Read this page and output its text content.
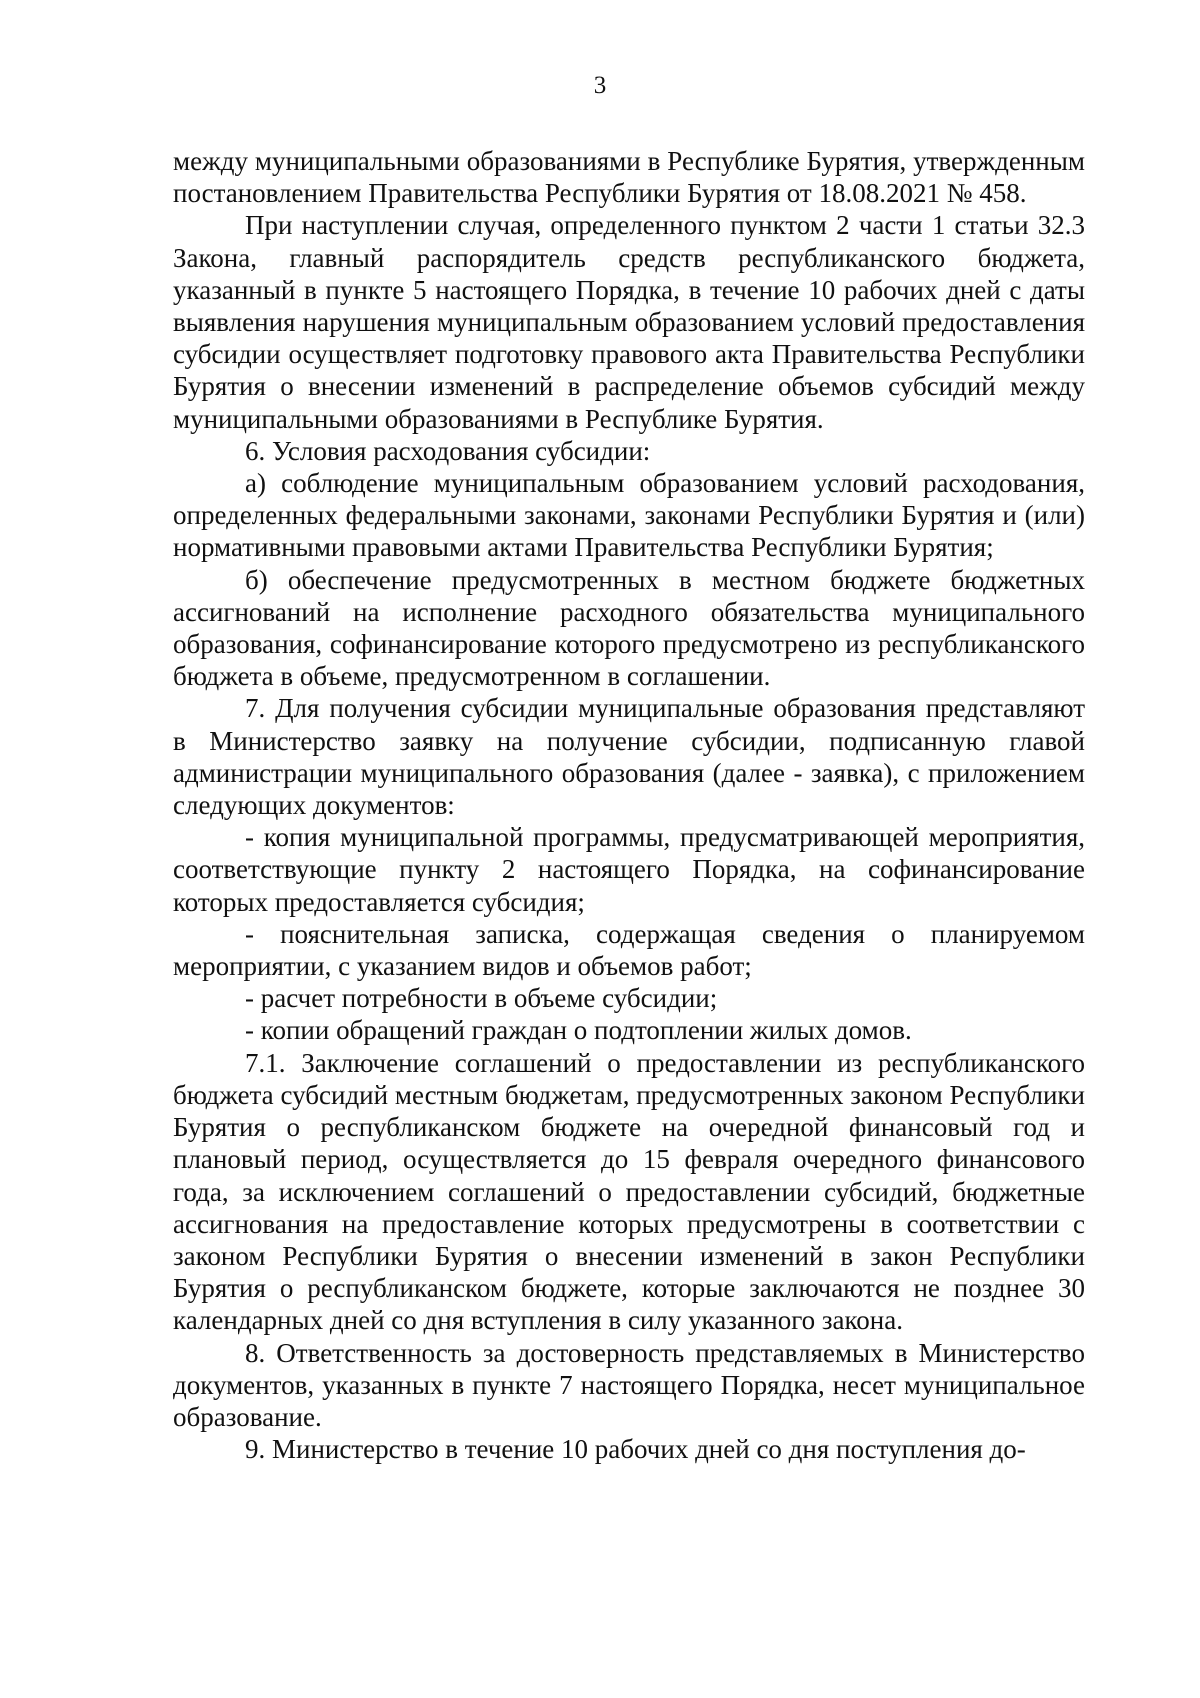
3

между муниципальными образованиями в Республике Бурятия, утвержденным постановлением Правительства Республики Бурятия от 18.08.2021 № 458.

При наступлении случая, определенного пунктом 2 части 1 статьи 32.3 Закона, главный распорядитель средств республиканского бюджета, указанный в пункте 5 настоящего Порядка, в течение 10 рабочих дней с даты выявления нарушения муниципальным образованием условий предоставления субсидии осуществляет подготовку правового акта Правительства Республики Бурятия о внесении изменений в распределение объемов субсидий между муниципальными образованиями в Республике Бурятия.

6. Условия расходования субсидии:

а) соблюдение муниципальным образованием условий расходования, определенных федеральными законами, законами Республики Бурятия и (или) нормативными правовыми актами Правительства Республики Бурятия;

б) обеспечение предусмотренных в местном бюджете бюджетных ассигнований на исполнение расходного обязательства муниципального образования, софинансирование которого предусмотрено из республиканского бюджета в объеме, предусмотренном в соглашении.

7. Для получения субсидии муниципальные образования представляют в Министерство заявку на получение субсидии, подписанную главой администрации муниципального образования (далее - заявка), с приложением следующих документов:

- копия муниципальной программы, предусматривающей мероприятия, соответствующие пункту 2 настоящего Порядка, на софинансирование которых предоставляется субсидия;

- пояснительная записка, содержащая сведения о планируемом мероприятии, с указанием видов и объемов работ;

- расчет потребности в объеме субсидии;

- копии обращений граждан о подтоплении жилых домов.

7.1. Заключение соглашений о предоставлении из республиканского бюджета субсидий местным бюджетам, предусмотренных законом Республики Бурятия о республиканском бюджете на очередной финансовый год и плановый период, осуществляется до 15 февраля очередного финансового года, за исключением соглашений о предоставлении субсидий, бюджетные ассигнования на предоставление которых предусмотрены в соответствии с законом Республики Бурятия о внесении изменений в закон Республики Бурятия о республиканском бюджете, которые заключаются не позднее 30 календарных дней со дня вступления в силу указанного закона.

8. Ответственность за достоверность представляемых в Министерство документов, указанных в пункте 7 настоящего Порядка, несет муниципальное образование.

9. Министерство в течение 10 рабочих дней со дня поступления до-
